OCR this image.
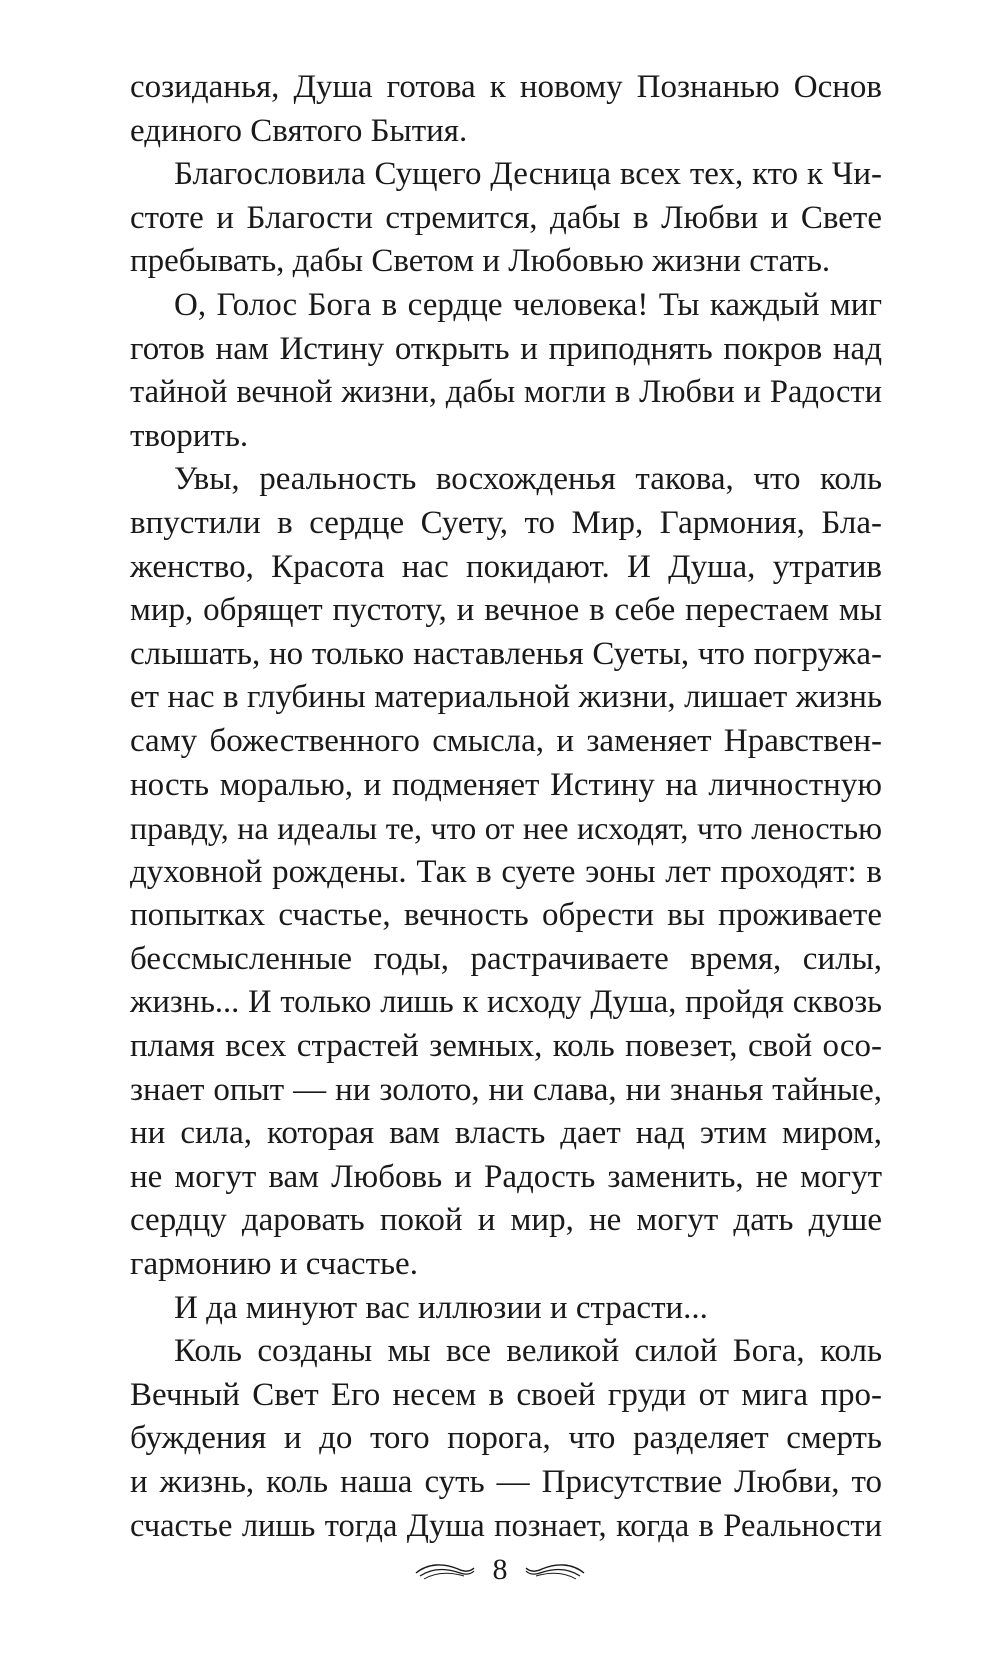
созиданья, Душа готова к новому Познанью Основ
единого Святого Бытия.
Благословила Сущего Десница всех тех, кто к Чи-
стоте и Благости стремится, дабы в Любви и Свете
пребывать, дабы Светом и Любовью жизни стать.
О, Голос Бога в сердце человека! Ты каждый миг
готов нам Истину открыть и приподнять покров над
тайной вечной жизни, дабы могли в Любви и Радости
творить.
Увы, реальность восхожденья такова, что коль
впустили в сердце Суету, то Мир, Гармония, Бла-
женство, Красота нас покидают. И Душа, утратив
мир, обрящет пустоту, и вечное в себе перестаем мы
слышать, но только наставленья Суеты, что погружа-
ет нас в глубины материальной жизни, лишает жизнь
саму божественного смысла, и заменяет Нравствен-
ность моралью, и подменяет Истину на личностную
правду, на идеалы те, что от нее исходят, что леностью
духовной рождены. Так в суете эоны лет проходят: в
попытках счастье, вечность обрести вы проживаете
бессмысленные годы, растрачиваете время, силы,
жизнь... И только лишь к исходу Душа, пройдя сквозь
пламя всех страстей земных, коль повезет, свой осо-
знает опыт — ни золото, ни слава, ни знанья тайные,
ни сила, которая вам власть дает над этим миром,
не могут вам Любовь и Радость заменить, не могут
сердцу даровать покой и мир, не могут дать душе
гармонию и счастье.
И да минуют вас иллюзии и страсти...
Коль созданы мы все великой силой Бога, коль
Вечный Свет Его несем в своей груди от мига про-
буждения и до того порога, что разделяет смерть
и жизнь, коль наша суть — Присутствие Любви, то
счастье лишь тогда Душа познает, когда в Реальности
8
